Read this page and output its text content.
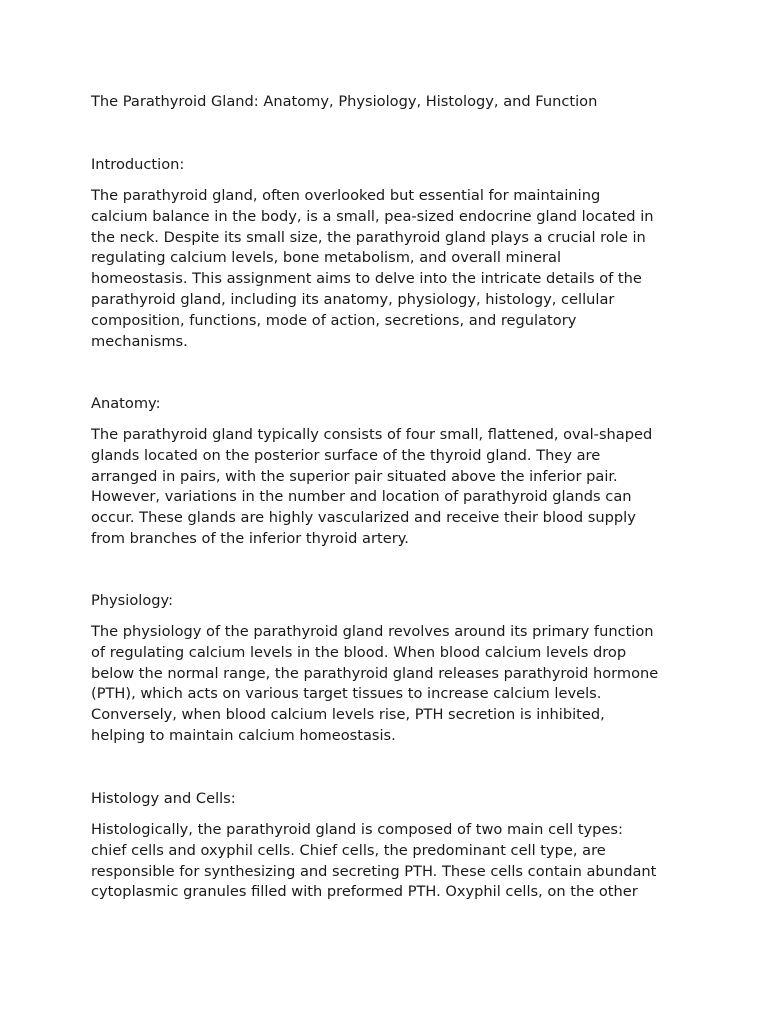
The Parathyroid Gland: Anatomy, Physiology, Histology, and Function
Introduction:

The parathyroid gland, often overlooked but essential for maintaining
calcium balance in the body, is a small, pea-sized endocrine gland located in
the neck. Despite its small size, the parathyroid gland plays a crucial role in
regulating calcium levels, bone metabolism, and overall mineral
homeostasis. This assignment aims to delve into the intricate details of the
parathyroid gland, including its anatomy, physiology, histology, cellular
composition, functions, mode of action, secretions, and regulatory
mechanisms.

Anatomy:

The parathyroid gland typically consists of four small, flattened, oval-shaped
glands located on the posterior surface of the thyroid gland. They are
arranged in pairs, with the superior pair situated above the inferior pair.
However, variations in the number and location of parathyroid glands can
occur. These glands are highly vascularized and receive their blood supply
from branches of the inferior thyroid artery.

Physiology:

The physiology of the parathyroid gland revolves around its primary function
of regulating calcium levels in the blood. When blood calcium levels drop
below the normal range, the parathyroid gland releases parathyroid hormone
(PTH), which acts on various target tissues to increase calcium levels.
Conversely, when blood calcium levels rise, PTH secretion is inhibited,
helping to maintain calcium homeostasis.

Histology and Cells:

Histologically, the parathyroid gland is composed of two main cell types:
chief cells and oxyphil cells. Chief cells, the predominant cell type, are
responsible for synthesizing and secreting PTH. These cells contain abundant
cytoplasmic granules filled with preformed PTH. Oxyphil cells, on the other
